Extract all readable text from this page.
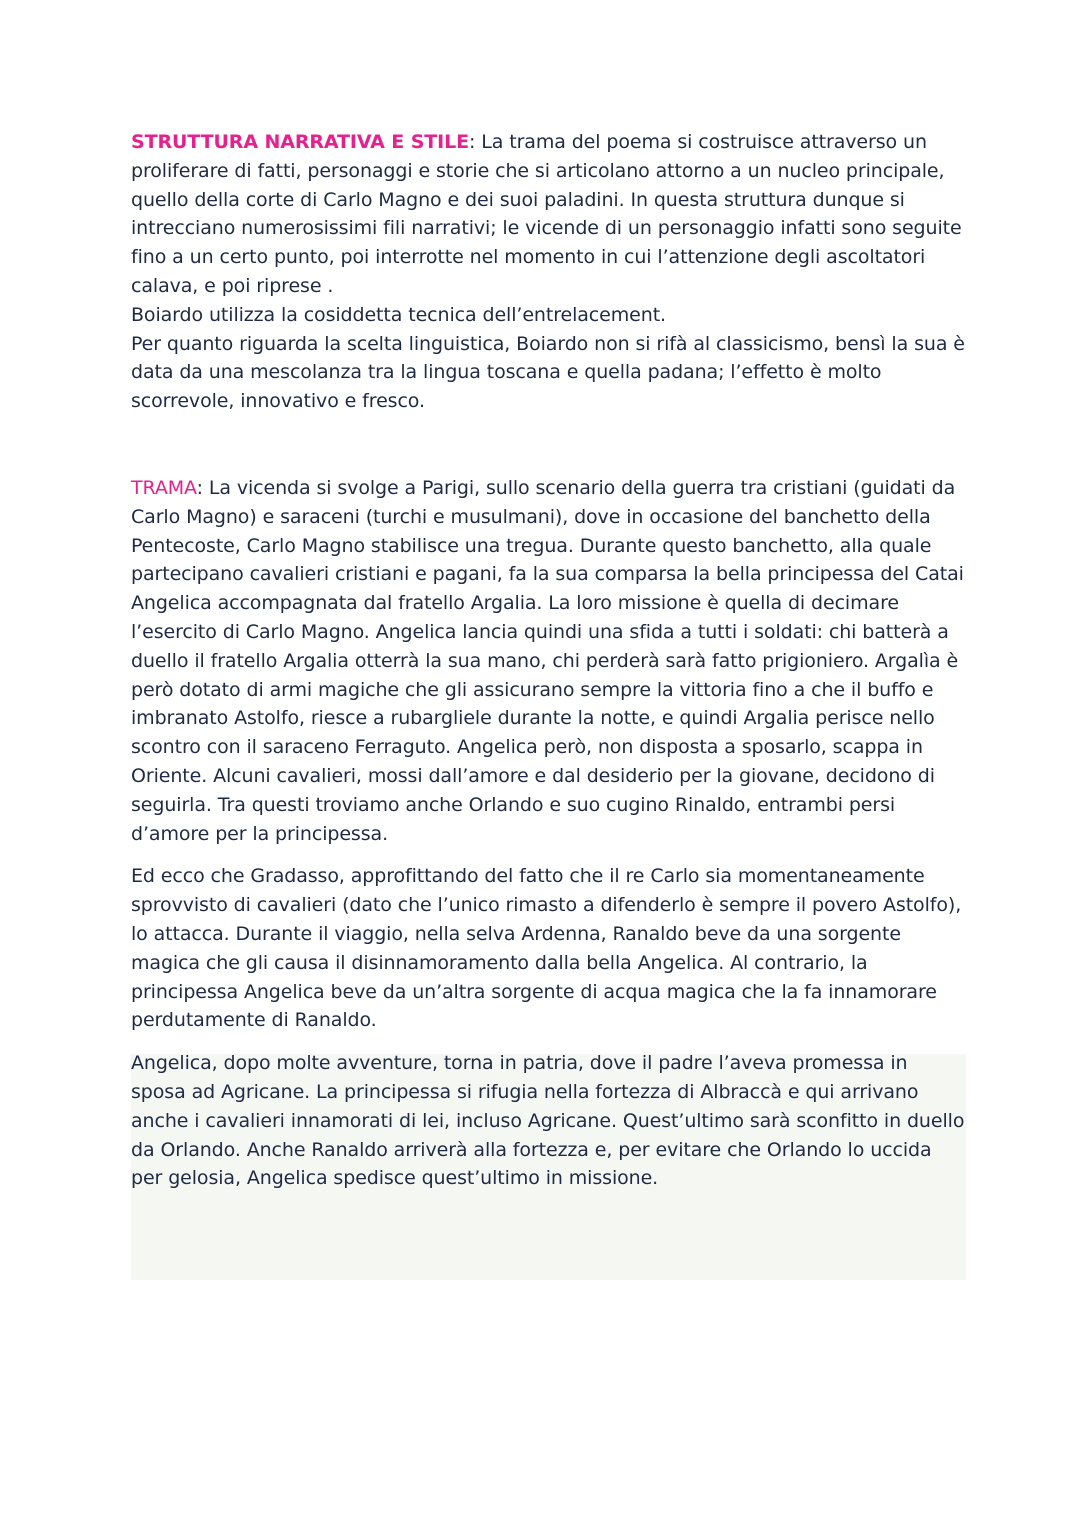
STRUTTURA NARRATIVA E STILE: La trama del poema si costruisce attraverso un proliferare di fatti, personaggi e storie che si articolano attorno a un nucleo principale, quello della corte di Carlo Magno e dei suoi paladini. In questa struttura dunque si intrecciano numerosissimi fili narrativi; le vicende di un personaggio infatti sono seguite fino a un certo punto, poi interrotte nel momento in cui l’attenzione degli ascoltatori calava, e poi riprese .

Boiardo utilizza la cosiddetta tecnica dell’entrelacement.

Per quanto riguarda la scelta linguistica, Boiardo non si rifà al classicismo, bensì la sua è data da una mescolanza tra la lingua toscana e quella padana; l’effetto è molto scorrevole, innovativo e fresco.

TRAMA: La vicenda si svolge a Parigi, sullo scenario della guerra tra cristiani (guidati da Carlo Magno) e saraceni (turchi e musulmani), dove in occasione del banchetto della Pentecoste, Carlo Magno stabilisce una tregua. Durante questo banchetto, alla quale partecipano cavalieri cristiani e pagani, fa la sua comparsa la bella principessa del Catai Angelica accompagnata dal fratello Argalia. La loro missione è quella di decimare l’esercito di Carlo Magno. Angelica lancia quindi una sfida a tutti i soldati: chi batterà a duello il fratello Argalia otterrà la sua mano, chi perderà sarà fatto prigioniero. Argalìa è però dotato di armi magiche che gli assicurano sempre la vittoria fino a che il buffo e imbranato Astolfo, riesce a rubargliele durante la notte, e quindi Argalia perisce nello scontro con il saraceno Ferraguto. Angelica però, non disposta a sposarlo, scappa in Oriente. Alcuni cavalieri, mossi dall’amore e dal desiderio per la giovane, decidono di seguirla. Tra questi troviamo anche Orlando e suo cugino Rinaldo, entrambi persi d’amore per la principessa.

Ed ecco che Gradasso, approfittando del fatto che il re Carlo sia momentaneamente sprovvisto di cavalieri (dato che l’unico rimasto a difenderlo è sempre il povero Astolfo), lo attacca. Durante il viaggio, nella selva Ardenna, Ranaldo beve da una sorgente magica che gli causa il disinnamoramento dalla bella Angelica. Al contrario, la principessa Angelica beve da un’altra sorgente di acqua magica che la fa innamorare perdutamente di Ranaldo.

Angelica, dopo molte avventure, torna in patria, dove il padre l’aveva promessa in sposa ad Agricane. La principessa si rifugia nella fortezza di Albraccà e qui arrivano anche i cavalieri innamorati di lei, incluso Agricane. Quest’ultimo sarà sconfitto in duello da Orlando. Anche Ranaldo arriverà alla fortezza e, per evitare che Orlando lo uccida per gelosia, Angelica spedisce quest’ultimo in missione.
